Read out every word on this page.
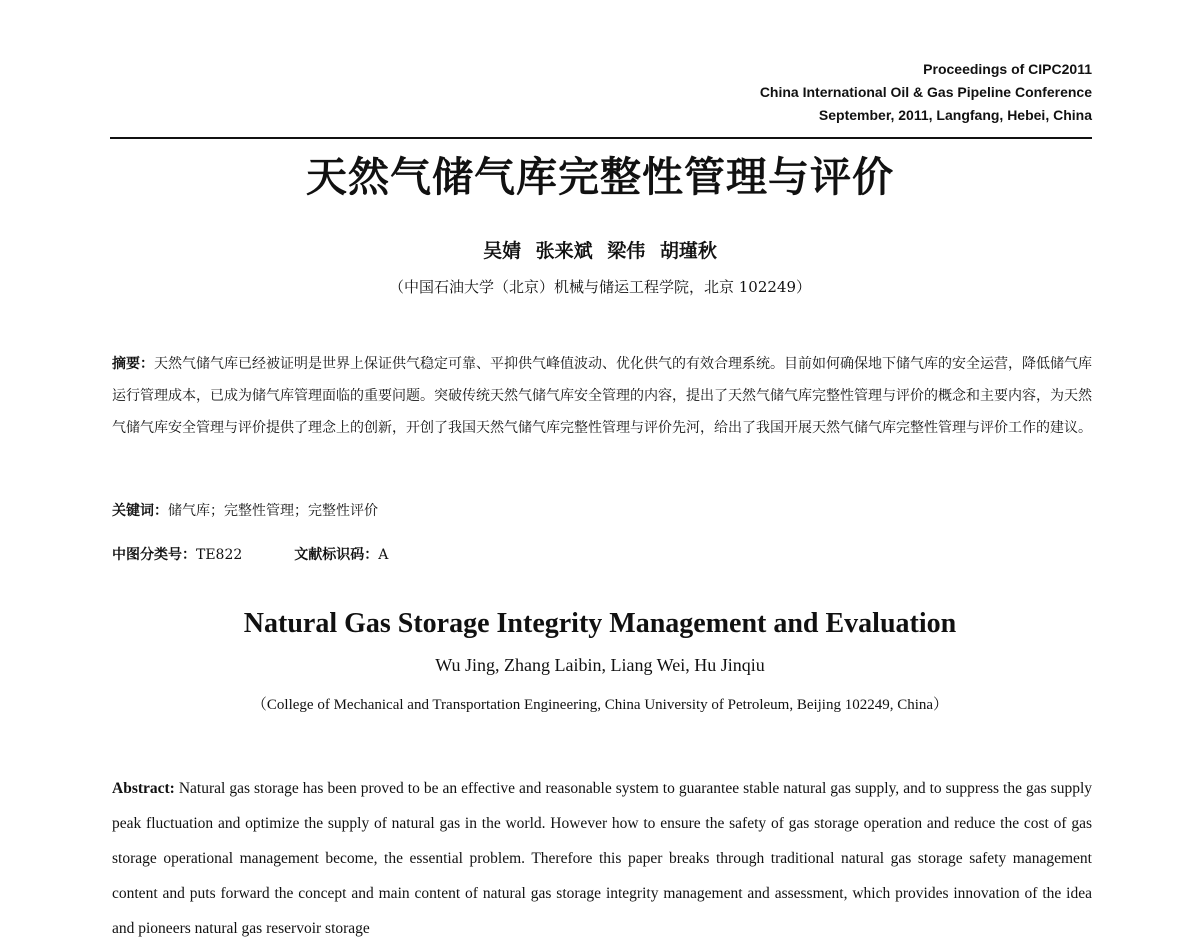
Proceedings of CIPC2011
China International Oil & Gas Pipeline Conference
September, 2011, Langfang, Hebei, China
天然气储气库完整性管理与评价
吴婧 张来斌 梁伟 胡瑾秋
（中国石油大学（北京）机械与储运工程学院，北京 102249）
摘要：天然气储气库已经被证明是世界上保证供气稳定可靠、平抑供气峰值波动、优化供气的有效合理系统。目前如何确保地下储气库的安全运营，降低储气库运行管理成本，已成为储气库管理面临的重要问题。突破传统天然气储气库安全管理的内容，提出了天然气储气库完整性管理与评价的概念和主要内容，为天然气储气库安全管理与评价提供了理念上的创新，开创了我国天然气储气库完整性管理与评价先河，给出了我国开展天然气储气库完整性管理与评价工作的建议。
关键词：储气库；完整性管理；完整性评价
中图分类号：TE822	文献标识码：A
Natural Gas Storage Integrity Management and Evaluation
Wu Jing, Zhang Laibin, Liang Wei, Hu Jinqiu
（College of Mechanical and Transportation Engineering, China University of Petroleum, Beijing 102249, China）
Abstract: Natural gas storage has been proved to be an effective and reasonable system to guarantee stable natural gas supply, and to suppress the gas supply peak fluctuation and optimize the supply of natural gas in the world. However how to ensure the safety of gas storage operation and reduce the cost of gas storage operational management become, the essential problem. Therefore this paper breaks through traditional natural gas storage safety management content and puts forward the concept and main content of natural gas storage integrity management and assessment, which provides innovation of the idea and pioneers natural gas reservoir storage
